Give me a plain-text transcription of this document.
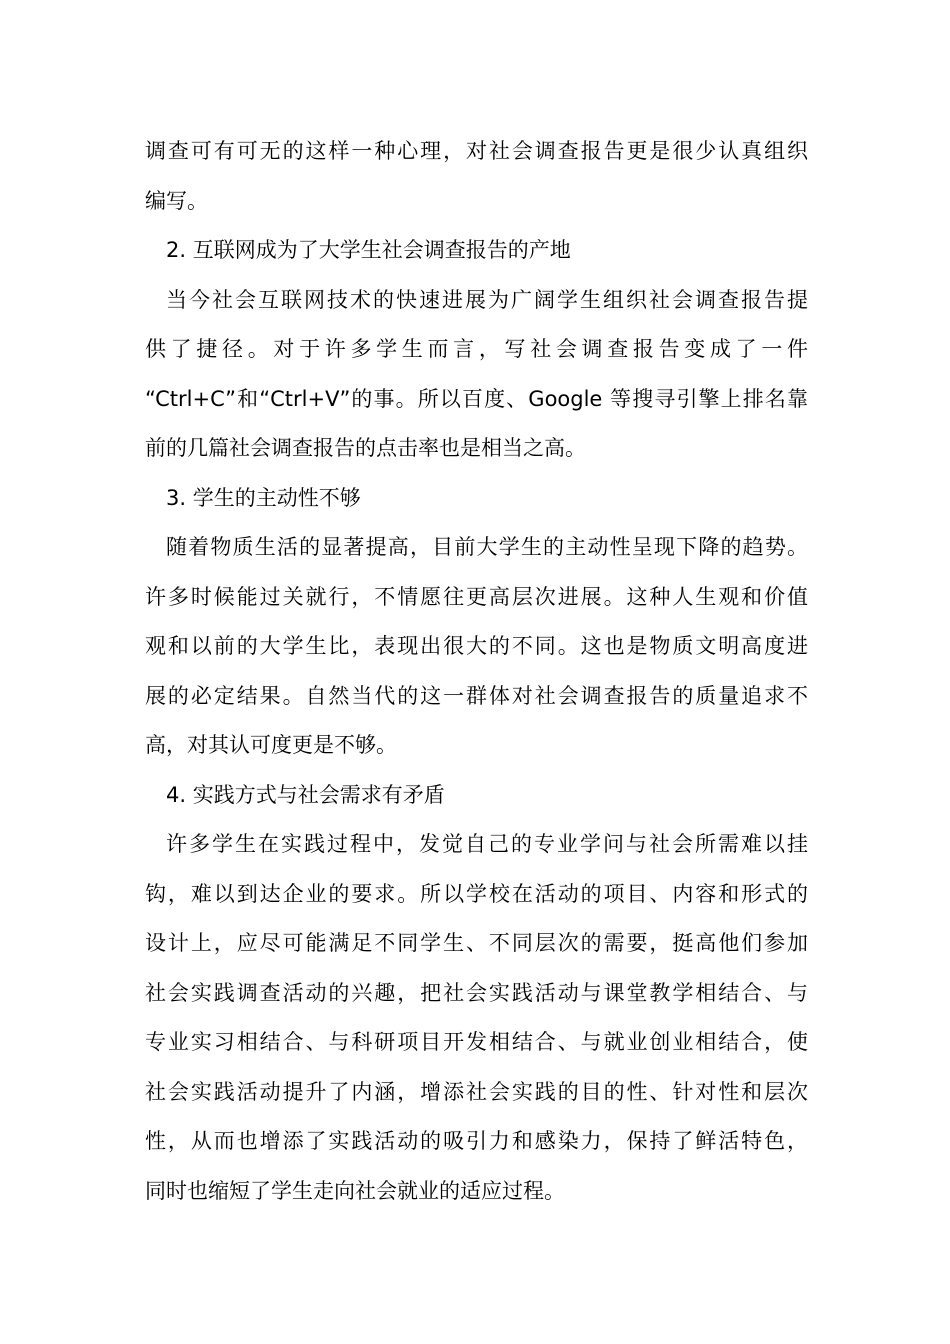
调查可有可无的这样一种心理，对社会调查报告更是很少认真组织
编写。
2. 互联网成为了大学生社会调查报告的产地
当今社会互联网技术的快速进展为广阔学生组织社会调查报告提
供了捷径。对于许多学生而言，写社会调查报告变成了一件
“Ctrl+C”和“Ctrl+V”的事。所以百度、Google 等搜寻引擎上排名靠
前的几篇社会调查报告的点击率也是相当之高。
3. 学生的主动性不够
随着物质生活的显著提高，目前大学生的主动性呈现下降的趋势。
许多时候能过关就行，不情愿往更高层次进展。这种人生观和价值
观和以前的大学生比，表现出很大的不同。这也是物质文明高度进
展的必定结果。自然当代的这一群体对社会调查报告的质量追求不
高，对其认可度更是不够。
4. 实践方式与社会需求有矛盾
许多学生在实践过程中，发觉自己的专业学问与社会所需难以挂
钩，难以到达企业的要求。所以学校在活动的项目、内容和形式的
设计上，应尽可能满足不同学生、不同层次的需要，挺高他们参加
社会实践调查活动的兴趣，把社会实践活动与课堂教学相结合、与
专业实习相结合、与科研项目开发相结合、与就业创业相结合，使
社会实践活动提升了内涵，增添社会实践的目的性、针对性和层次
性，从而也增添了实践活动的吸引力和感染力，保持了鲜活特色，
同时也缩短了学生走向社会就业的适应过程。
